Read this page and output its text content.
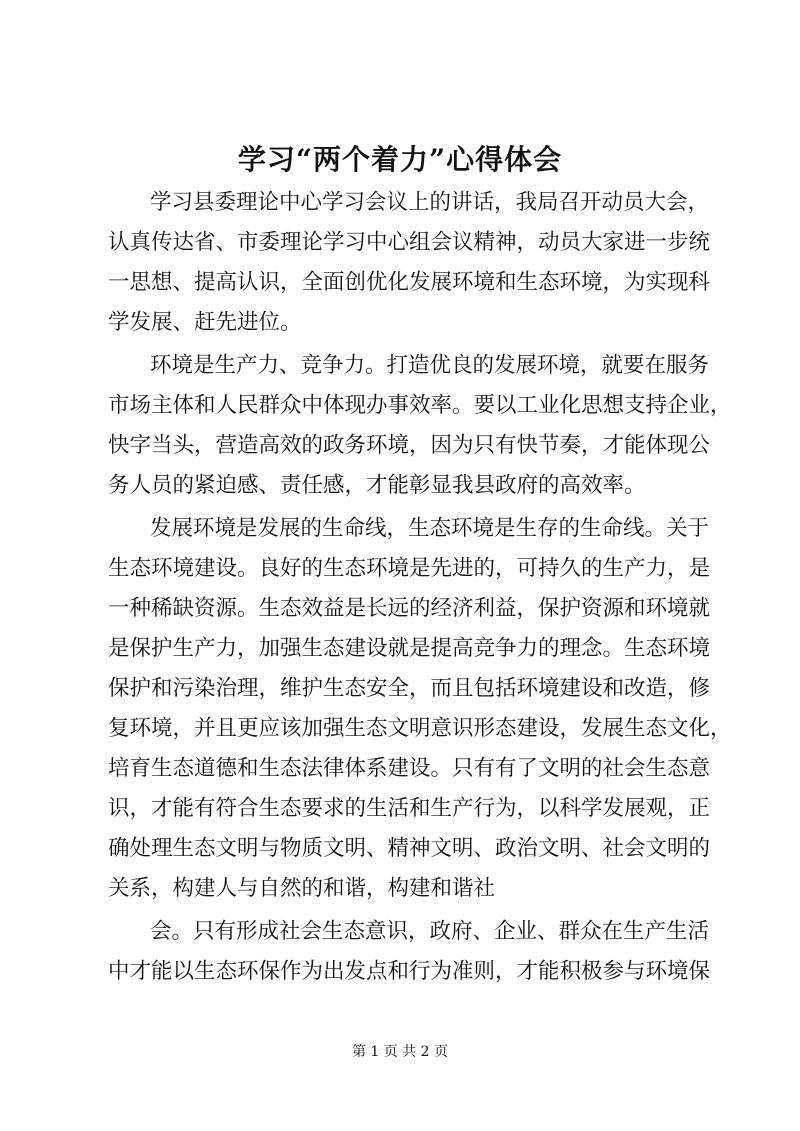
学习“两个着力”心得体会

学习县委理论中心学习会议上的讲话，我局召开动员大会，

认真传达省、市委理论学习中心组会议精神，动员大家进一步统

一思想、提高认识，全面创优化发展环境和生态环境，为实现科

学发展、赶先进位。

环境是生产力、竞争力。打造优良的发展环境，就要在服务

市场主体和人民群众中体现办事效率。要以工业化思想支持企业，

快字当头，营造高效的政务环境，因为只有快节奏，才能体现公

务人员的紧迫感、责任感，才能彰显我县政府的高效率。

发展环境是发展的生命线，生态环境是生存的生命线。关于

生态环境建设。良好的生态环境是先进的，可持久的生产力，是

一种稀缺资源。生态效益是长远的经济利益，保护资源和环境就

是保护生产力，加强生态建设就是提高竞争力的理念。生态环境

保护和污染治理，维护生态安全，而且包括环境建设和改造，修

复环境，并且更应该加强生态文明意识形态建设，发展生态文化，

培育生态道德和生态法律体系建设。只有有了文明的社会生态意

识，才能有符合生态要求的生活和生产行为，以科学发展观，正

确处理生态文明与物质文明、精神文明、政治文明、社会文明的

关系，构建人与自然的和谐，构建和谐社

会。只有形成社会生态意识，政府、企业、群众在生产生活

中才能以生态环保作为出发点和行为准则，才能积极参与环境保

第 1 页 共 2 页
